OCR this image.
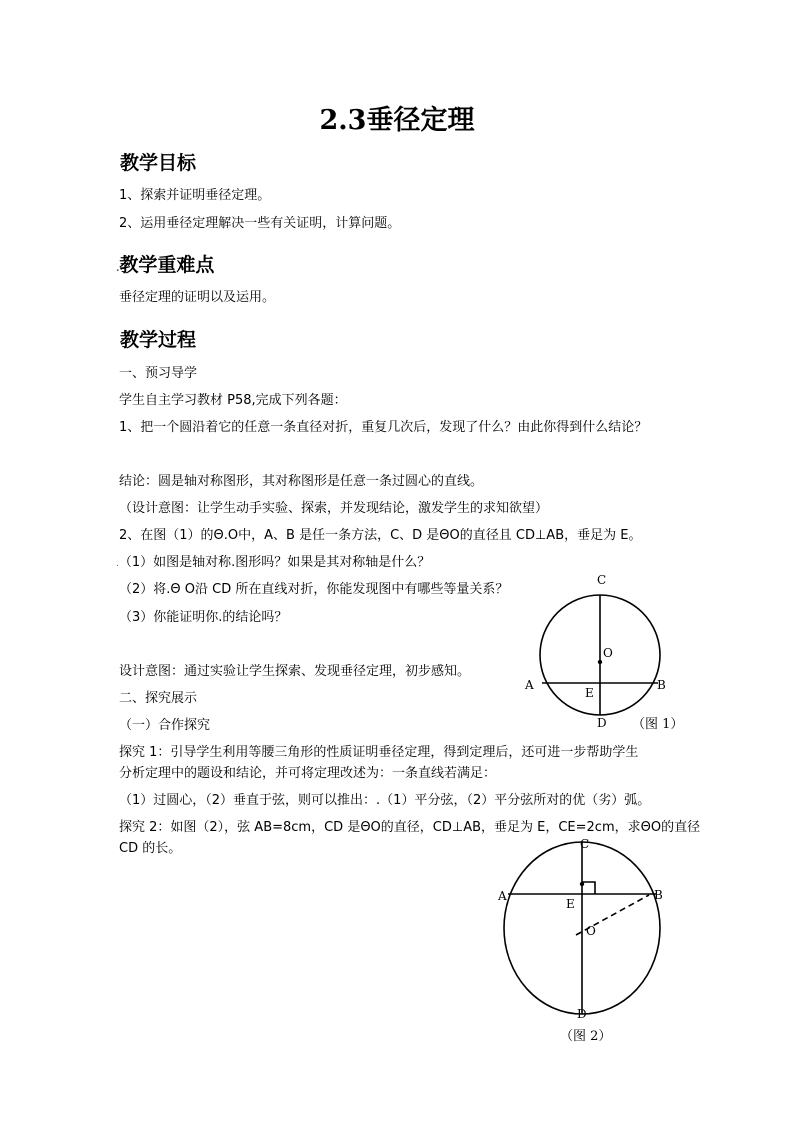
2.3垂径定理
教学目标
1、探索并证明垂径定理。
2、运用垂径定理解决一些有关证明，计算问题。
.教学重难点
垂径定理的证明以及运用。
教学过程
一、预习导学
学生自主学习教材 P58,完成下列各题：
1、把一个圆沿着它的任意一条直径对折，重复几次后，发现了什么？由此你得到什么结论？
结论：圆是轴对称图形，其对称图形是任意一条过圆心的直线。
（设计意图：让学生动手实验、探索，并发现结论，激发学生的求知欲望）
2、在图（1）的Θ.O中，A、B 是任一条方法，C、D 是ΘO的直径且 CD⊥AB，垂足为 E。
.（1）如图是轴对称.图形吗？如果是其对称轴是什么？
（2）将.Θ O沿 CD 所在直线对折，你能发现图中有哪些等量关系？
（3）你能证明你.的结论吗？
设计意图：通过实验让学生探索、发现垂径定理，初步感知。
二、探究展示
（一）合作探究
探究 1：引导学生利用等腰三角形的性质证明垂径定理，得到定理后，还可进一步帮助学生
分析定理中的题设和结论，并可将定理改述为：一条直线若满足：
（1）过圆心，（2）垂直于弦，则可以推出：.（1）平分弦，（2）平分弦所对的优（劣）弧。
探究 2：如图（2），弦 AB=8cm，CD 是ΘO的直径，CD⊥AB，垂足为 E，CE=2cm，求ΘO的直径
CD 的长。
C
O
A	B
E
D （图 1）
C
A	B
E
O
D
（图 2）
